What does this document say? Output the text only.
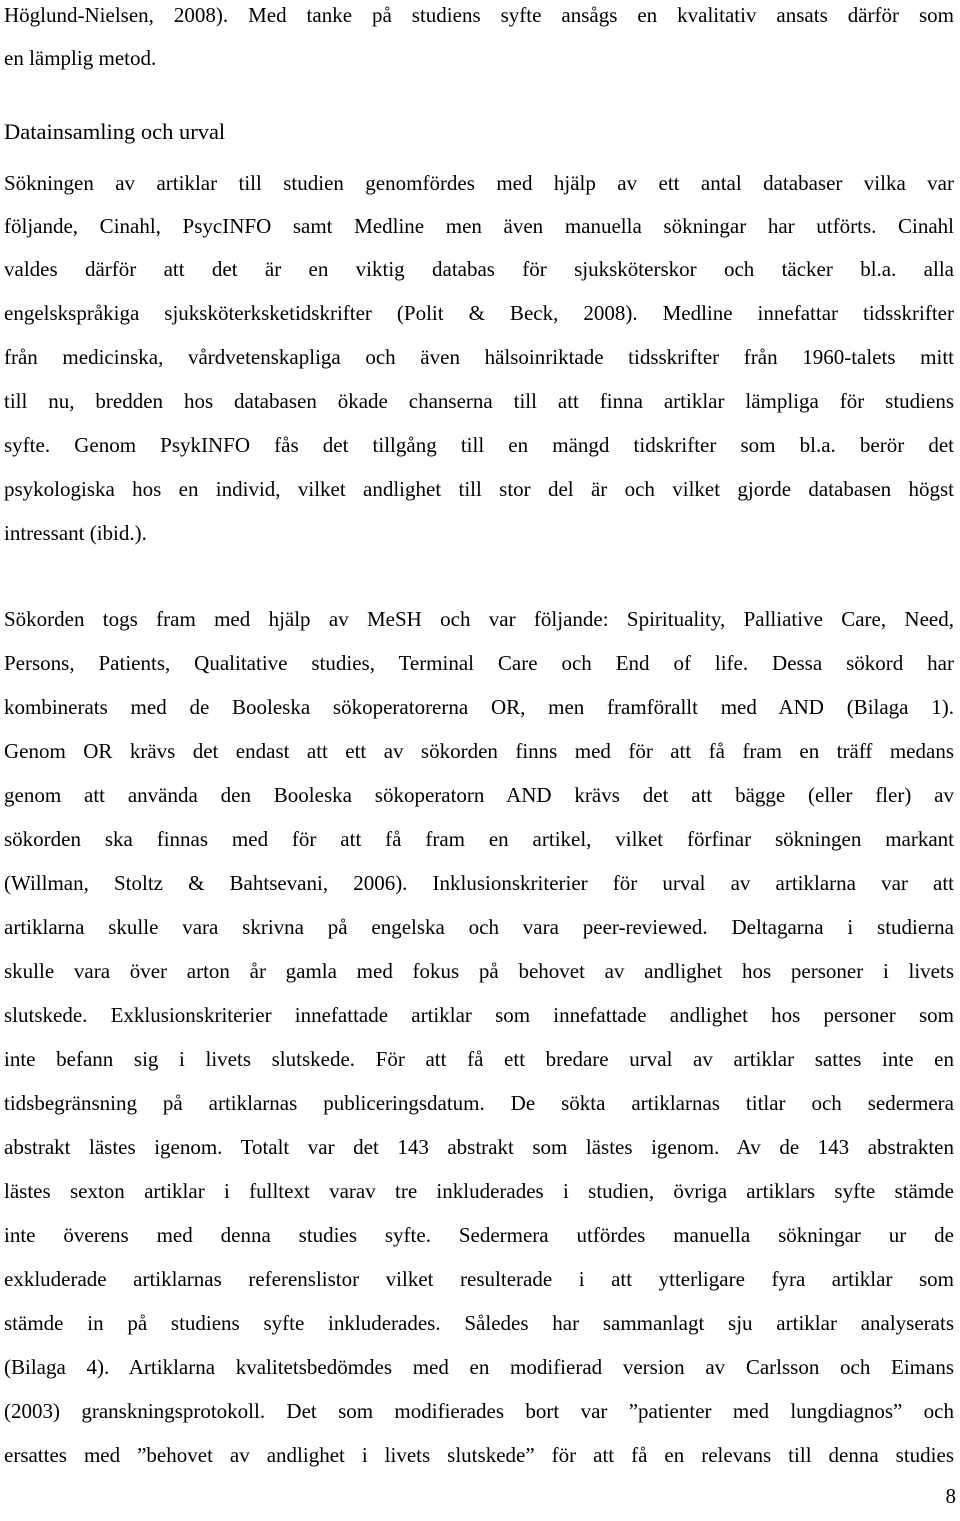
Höglund-Nielsen, 2008). Med tanke på studiens syfte ansågs en kvalitativ ansats därför som
en lämplig metod.
Datainsamling och urval
Sökningen av artiklar till studien genomfördes med hjälp av ett antal databaser vilka var
följande, Cinahl, PsycINFO samt Medline men även manuella sökningar har utförts. Cinahl
valdes därför att det är en viktig databas för sjuksköterskor och täcker bl.a. alla
engelskspråkiga sjuksköterksketidskrifter (Polit & Beck, 2008). Medline innefattar tidsskrifter
från medicinska, vårdvetenskapliga och även hälsoinriktade tidsskrifter från 1960-talets mitt
till nu, bredden hos databasen ökade chanserna till att finna artiklar lämpliga för studiens
syfte. Genom PsykINFO fås det tillgång till en mängd tidskrifter som bl.a. berör det
psykologiska hos en individ, vilket andlighet till stor del är och vilket gjorde databasen högst
intressant (ibid.).
Sökorden togs fram med hjälp av MeSH och var följande: Spirituality, Palliative Care, Need,
Persons, Patients, Qualitative studies, Terminal Care och End of life. Dessa sökord har
kombinerats med de Booleska sökoperatorerna OR, men framförallt med AND (Bilaga 1).
Genom OR krävs det endast att ett av sökorden finns med för att få fram en träff medans
genom att använda den Booleska sökoperatorn AND krävs det att bägge (eller fler) av
sökorden ska finnas med för att få fram en artikel, vilket förfinar sökningen markant
(Willman, Stoltz & Bahtsevani, 2006). Inklusionskriterier för urval av artiklarna var att
artiklarna skulle vara skrivna på engelska och vara peer-reviewed. Deltagarna i studierna
skulle vara över arton år gamla med fokus på behovet av andlighet hos personer i livets
slutskede. Exklusionskriterier innefattade artiklar som innefattade andlighet hos personer som
inte befann sig i livets slutskede. För att få ett bredare urval av artiklar sattes inte en
tidsbegränsning på artiklarnas publiceringsdatum. De sökta artiklarnas titlar och sedermera
abstrakt lästes igenom. Totalt var det 143 abstrakt som lästes igenom. Av de 143 abstrakten
lästes sexton artiklar i fulltext varav tre inkluderades i studien, övriga artiklars syfte stämde
inte överens med denna studies syfte. Sedermera utfördes manuella sökningar ur de
exkluderade artiklarnas referenslistor vilket resulterade i att ytterligare fyra artiklar som
stämde in på studiens syfte inkluderades. Således har sammanlagt sju artiklar analyserats
(Bilaga 4). Artiklarna kvalitetsbedömdes med en modifierad version av Carlsson och Eimans
(2003) granskningsprotokoll. Det som modifierades bort var ”patienter med lungdiagnos” och
ersattes med ”behovet av andlighet i livets slutskede” för att få en relevans till denna studies
8
